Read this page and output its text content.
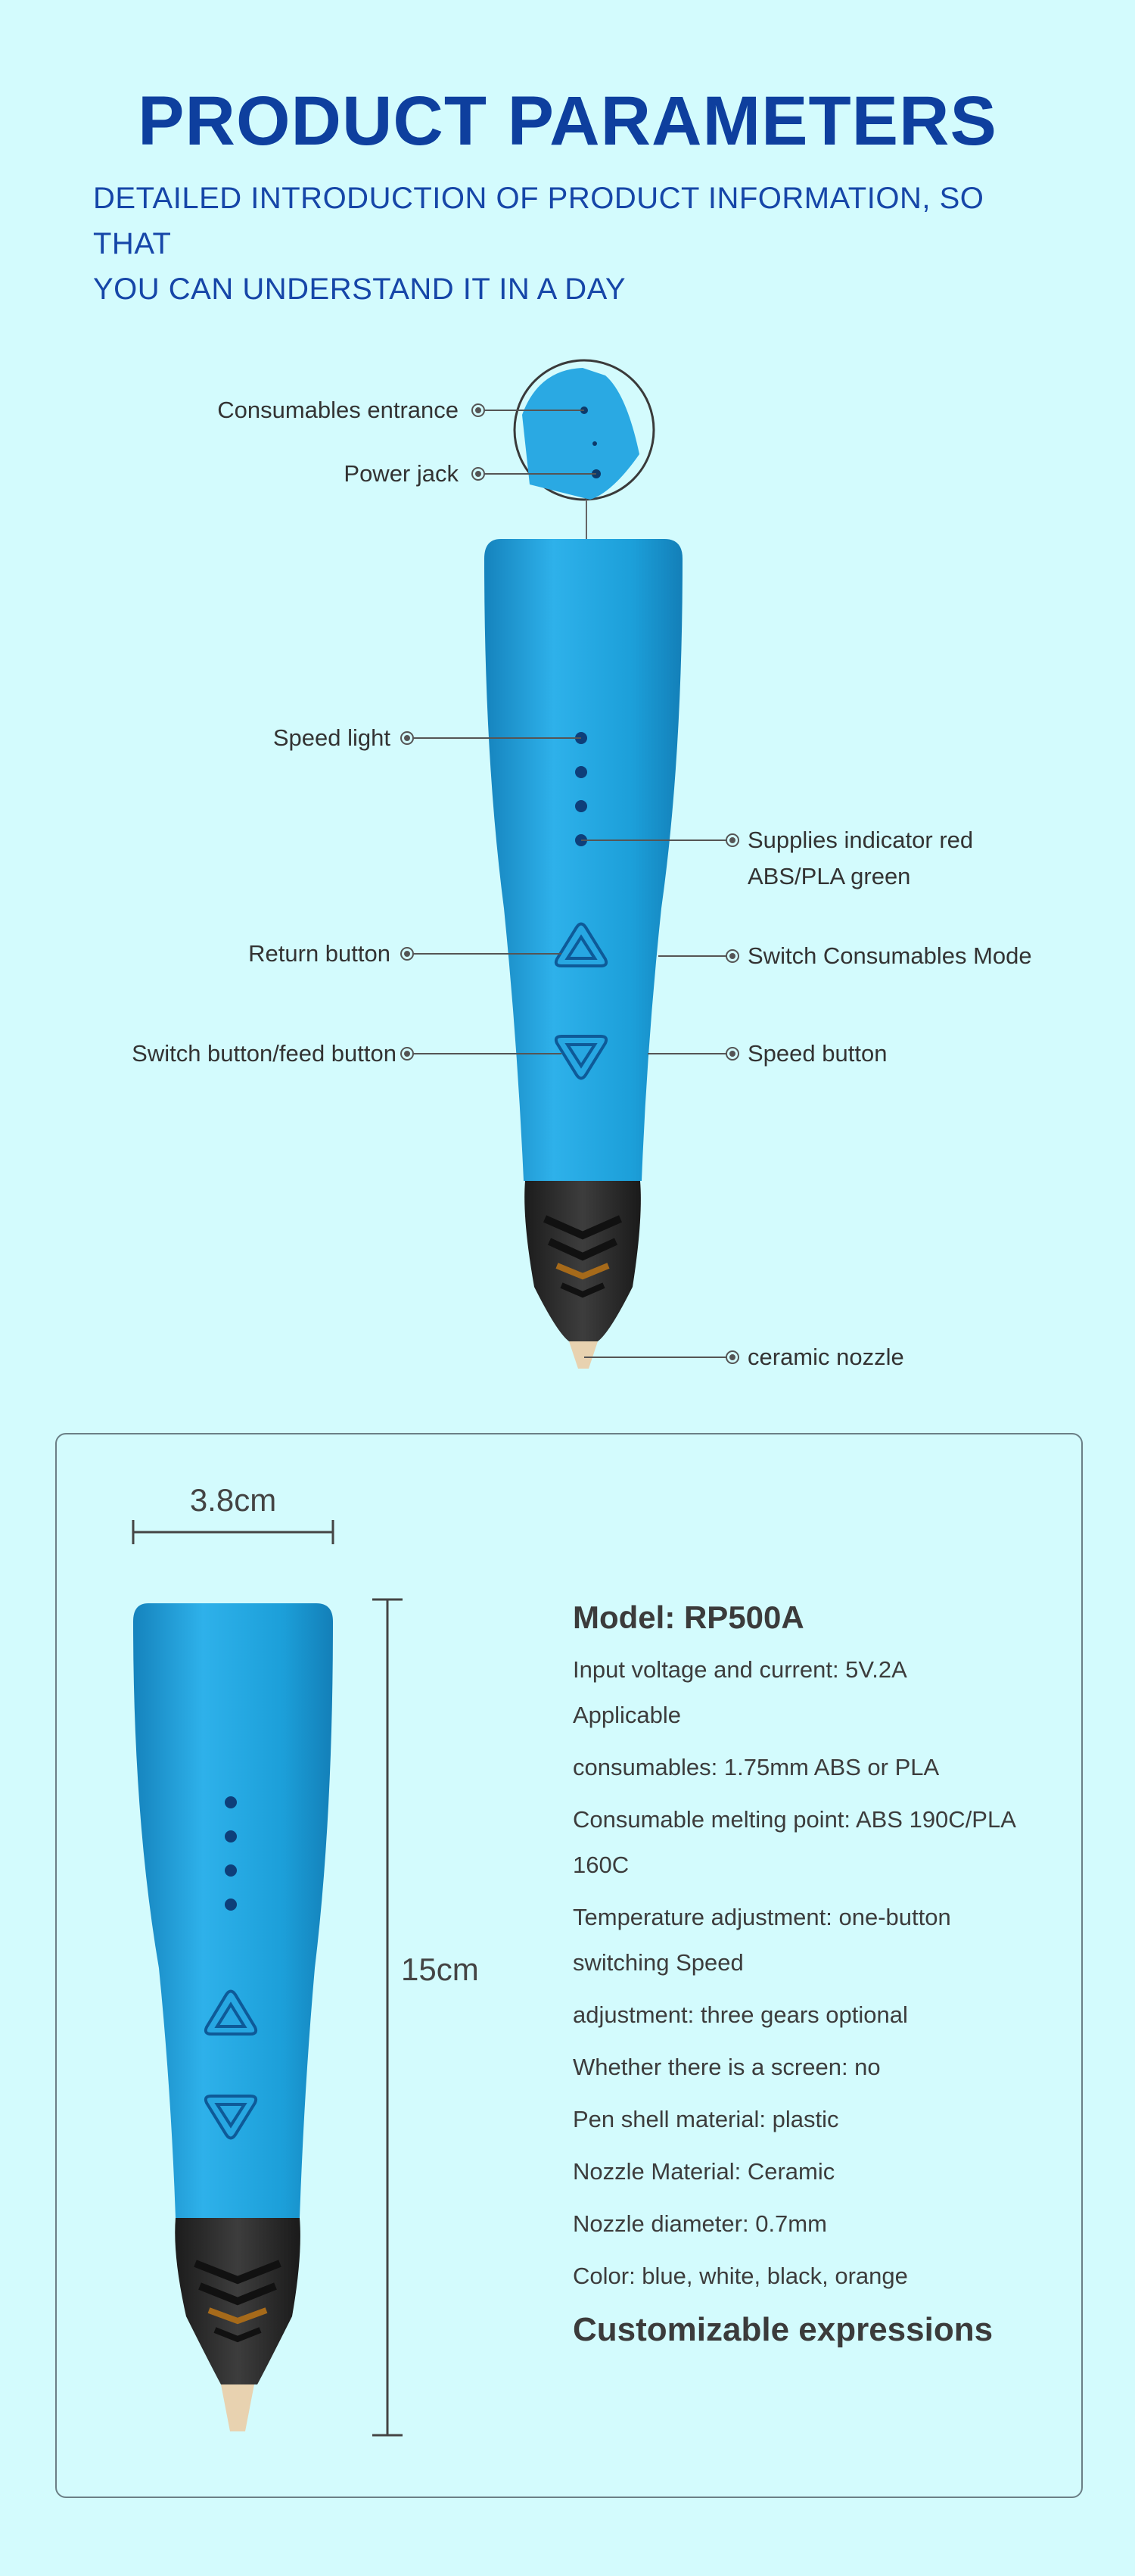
PRODUCT PARAMETERS
DETAILED INTRODUCTION OF PRODUCT INFORMATION, SO THAT
YOU CAN UNDERSTAND IT IN A DAY
Consumables entrance
Power jack
Speed light
Supplies indicator red
ABS/PLA green
Return button	Switch Consumables Mode
Switch button/feed button	Speed button
ceramic nozzle
3.8cm
15cm
Model: RP500A
Input voltage and current: 5V.2A
Applicable
consumables: 1.75mm ABS or PLA
Consumable melting point: ABS 190C/PLA
160C
Temperature adjustment: one-button
switching Speed
adjustment: three gears optional
Whether there is a screen: no
Pen shell material: plastic
Nozzle Material: Ceramic
Nozzle diameter: 0.7mm
Color: blue, white, black, orange
Customizable expressions
